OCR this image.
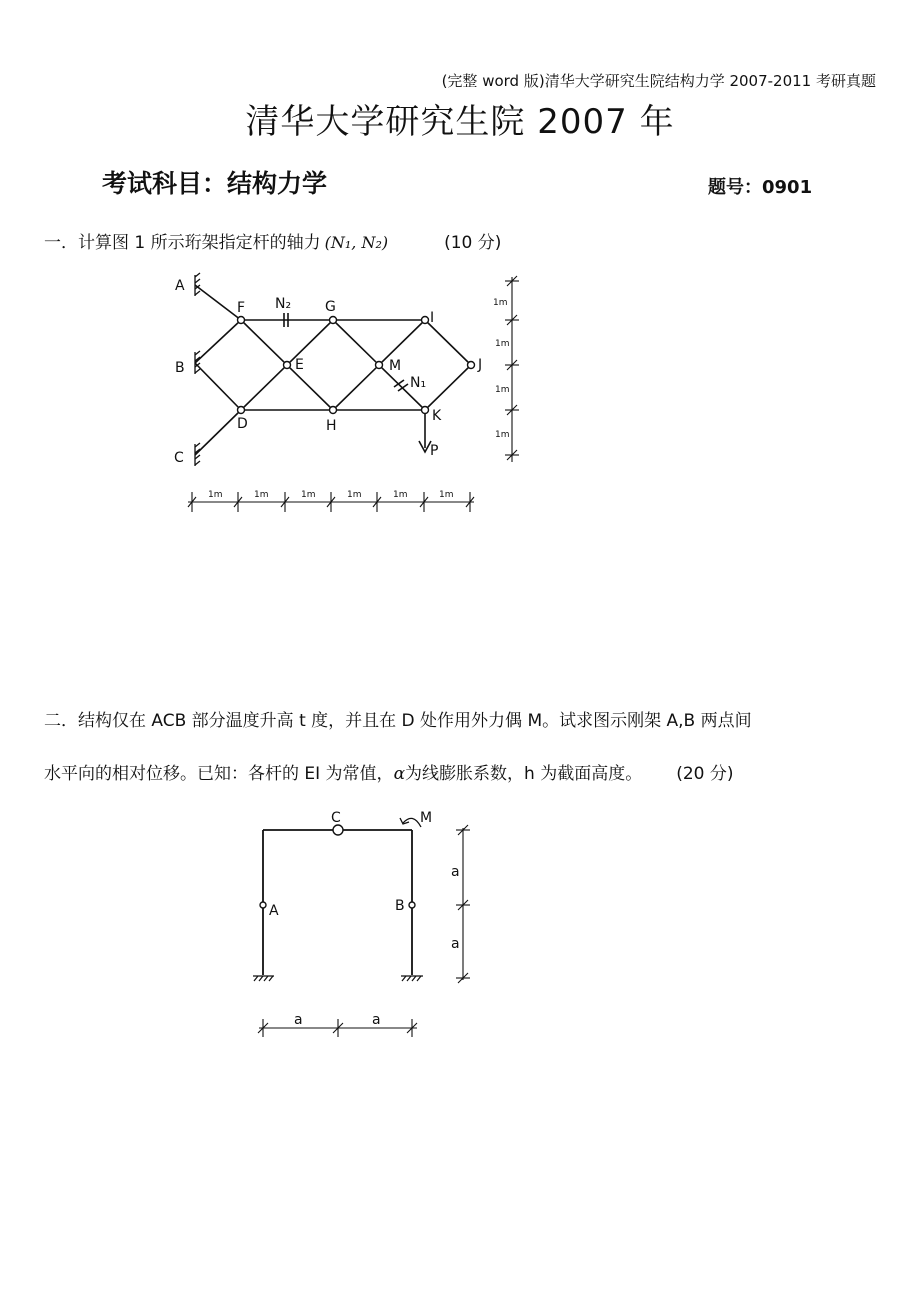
(完整 word 版)清华大学研究生院结构力学 2007-2011 考研真题
清华大学研究生院 2007 年
考试科目：结构力学	题号：0901
一．计算图 1 所示珩架指定杆的轴力 (N₁, N₂)	(10 分)
A
B
C
F	G
I
J
E	M
D	H
K
N₂
N₁
P
1m	1m	1m	1m	1m	1m
1m
1m
1m
1m
二．结构仅在 ACB 部分温度升高 t 度，并且在 D 处作用外力偶 M。试求图示刚架 A,B 两点间
水平向的相对位移。已知：各杆的 EI 为常值，α为线膨胀系数，h 为截面高度。 (20 分)
C	M
A	B
a
a
a	a
